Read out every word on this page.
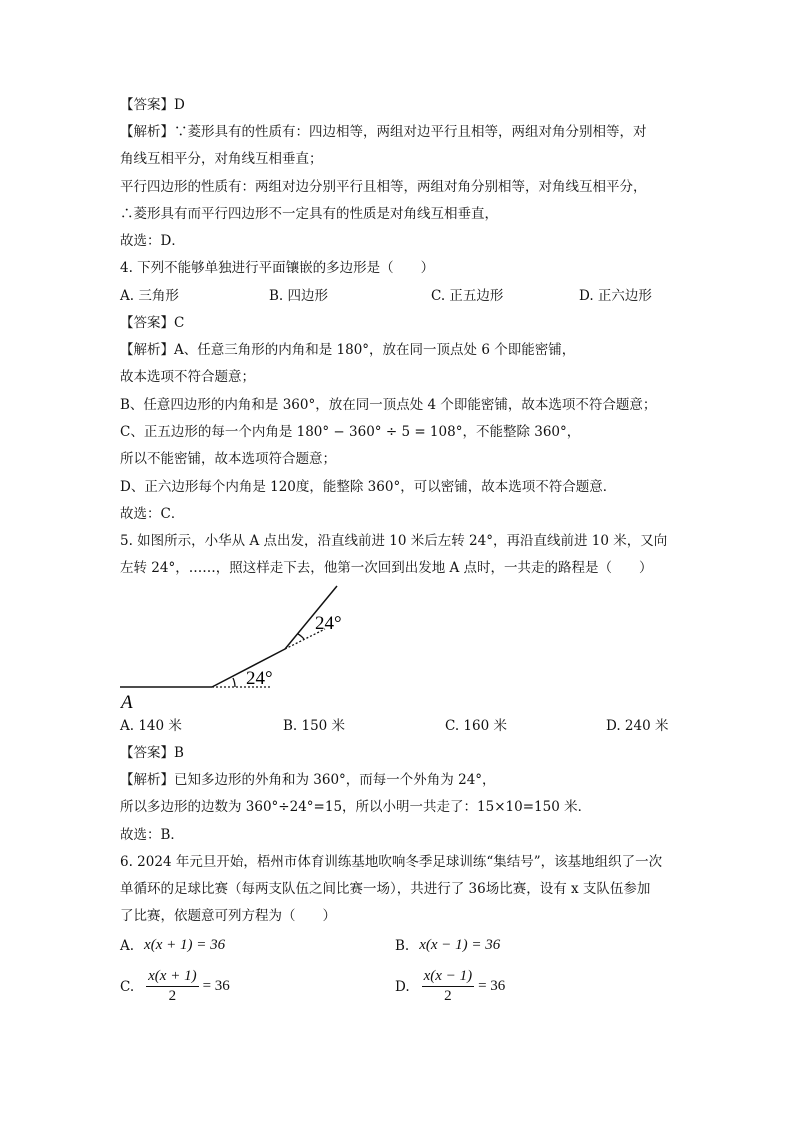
【答案】D
【解析】∵菱形具有的性质有：四边相等，两组对边平行且相等，两组对角分别相等，对
角线互相平分，对角线互相垂直；
平行四边形的性质有：两组对边分别平行且相等，两组对角分别相等，对角线互相平分，
∴菱形具有而平行四边形不一定具有的性质是对角线互相垂直，
故选：D．
4. 下列不能够单独进行平面镶嵌的多边形是（　　）
A. 三角形	B. 四边形	C. 正五边形	D. 正六边形
【答案】C
【解析】A、任意三角形的内角和是 180°，放在同一顶点处 6 个即能密铺，
故本选项不符合题意；
B、任意四边形的内角和是 360°，放在同一顶点处 4 个即能密铺，故本选项不符合题意；
C、正五边形的每一个内角是 180° − 360° ÷ 5 = 108°，不能整除 360°，
所以不能密铺，故本选项符合题意；
D、正六边形每个内角是 120度，能整除 360°，可以密铺，故本选项不符合题意．
故选：C．
5. 如图所示，小华从 A 点出发，沿直线前进 10 米后左转 24°，再沿直线前进 10 米，又向
左转 24°，……，照这样走下去，他第一次回到出发地 A 点时，一共走的路程是（　　）
24°
24°
A
A. 140 米	B. 150 米	C. 160 米	D. 240 米
【答案】B
【解析】已知多边形的外角和为 360°，而每一个外角为 24°，
所以多边形的边数为 360°÷24°=15，所以小明一共走了：15×10=150 米．
故选：B．
6. 2024 年元旦开始，梧州市体育训练基地吹响冬季足球训练“集结号”，该基地组织了一次
单循环的足球比赛（每两支队伍之间比赛一场），共进行了 36场比赛，设有 x 支队伍参加
了比赛，依题意可列方程为（　　）
A. x(x + 1) = 36	B. x(x − 1) = 36
C. $\frac{x(x + 1)}{2} = 36$	D. $\frac{x(x - 1)}{2} = 36$
